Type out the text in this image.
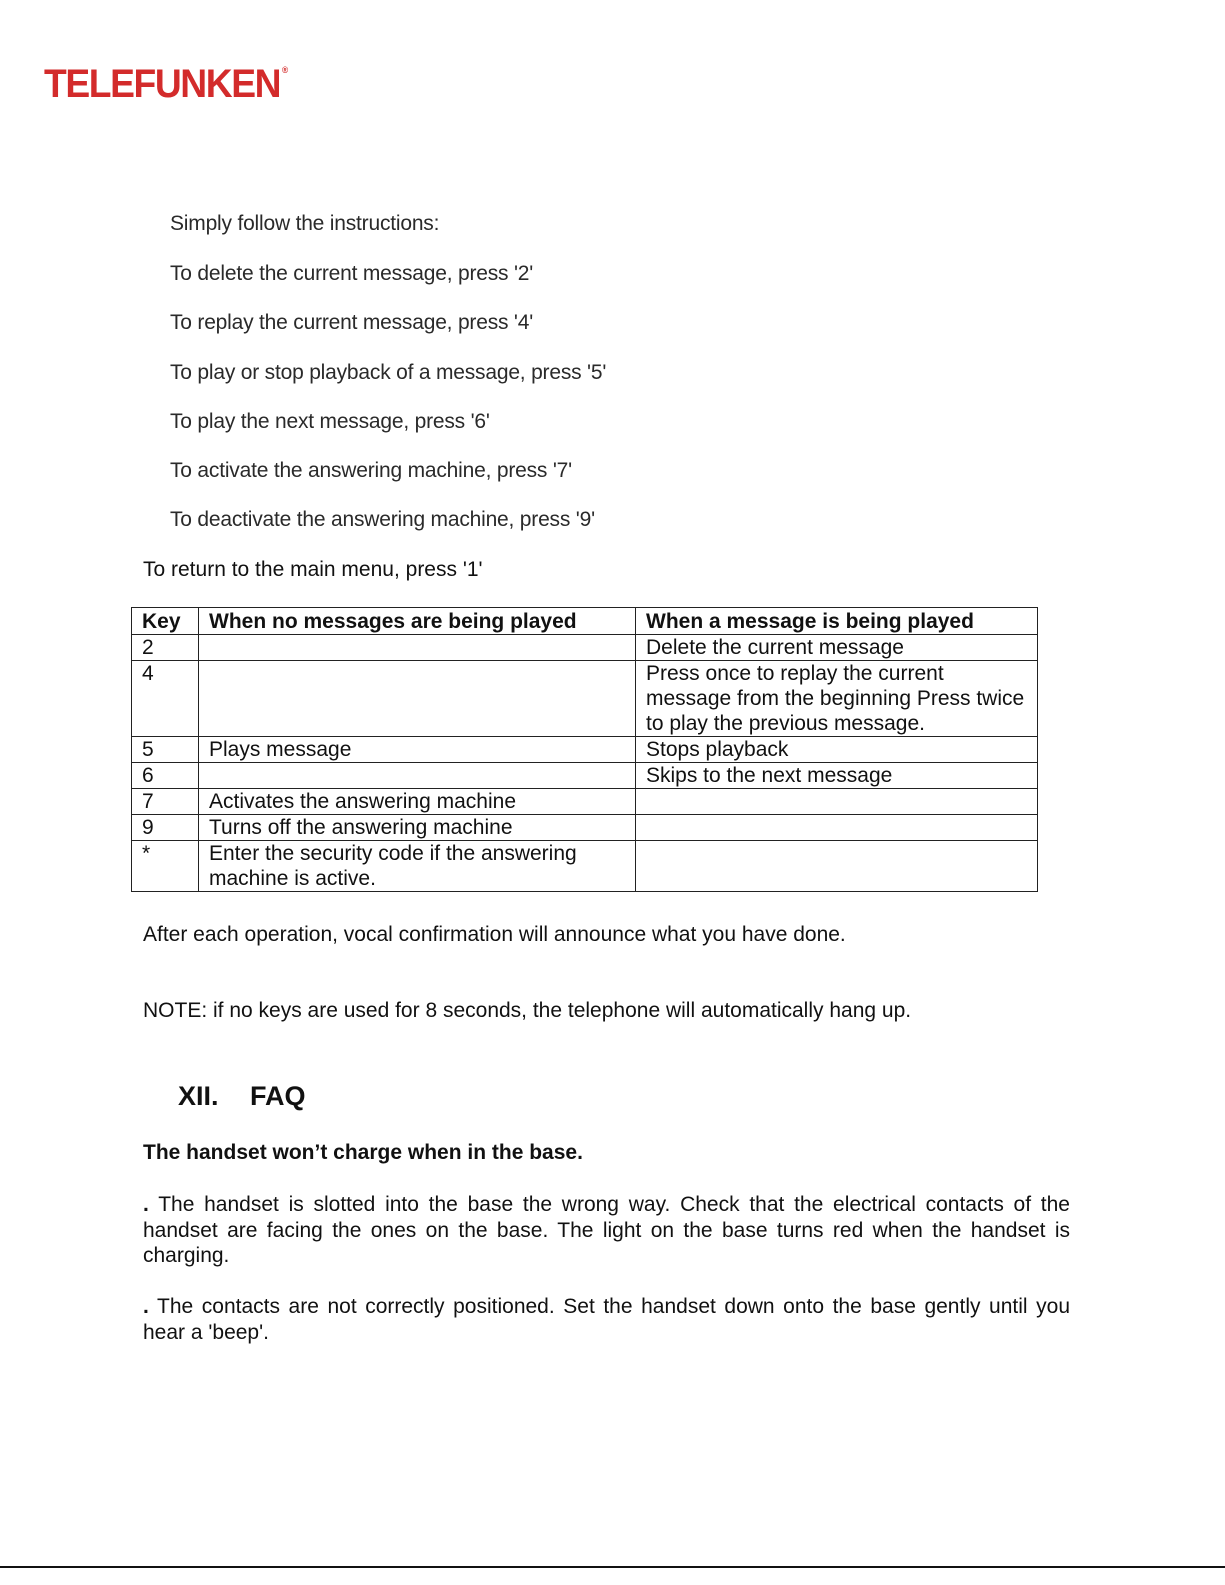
TELEFUNKEN ®
Simply follow the instructions:
To delete the current message, press '2'
To replay the current message, press '4'
To play or stop playback of a message, press '5'
To play the next message, press '6'
To activate the answering machine, press '7'
To deactivate the answering machine, press '9'
To return to the main menu, press '1'
Key	When no messages are being played	When a message is being played
2		Delete the current message
4		Press once to replay the current message from the beginning Press twice to play the previous message.
5	Plays message	Stops playback
6		Skips to the next message
7	Activates the answering machine	
9	Turns off the answering machine	
*	Enter the security code if the answering machine is active.	
After each operation, vocal confirmation will announce what you have done.
NOTE: if no keys are used for 8 seconds, the telephone will automatically hang up.
XII. FAQ
The handset won’t charge when in the base.
. The handset is slotted into the base the wrong way. Check that the electrical contacts of the handset are facing the ones on the base. The light on the base turns red when the handset is charging.
. The contacts are not correctly positioned. Set the handset down onto the base gently until you hear a 'beep'.
